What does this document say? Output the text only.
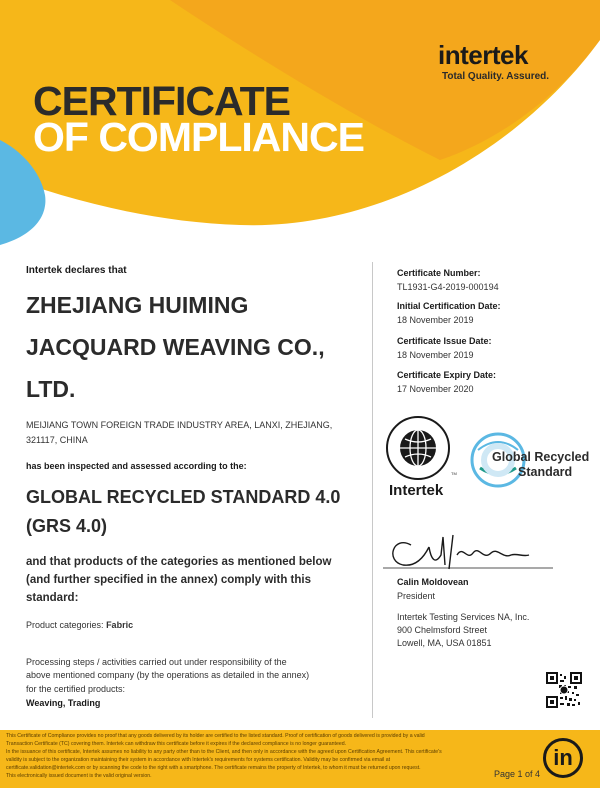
intertek
Total Quality. Assured.
CERTIFICATE
OF COMPLIANCE
Intertek declares that
ZHEJIANG HUIMING
JACQUARD WEAVING CO.,
LTD.
MEIJIANG TOWN FOREIGN TRADE INDUSTRY AREA, LANXI, ZHEJIANG,
321117, CHINA
has been inspected and assessed according to the:
GLOBAL RECYCLED STANDARD 4.0
(GRS 4.0)
and that products of the categories as mentioned below
(and further specified in the annex) comply with this
standard:
Product categories: Fabric
Processing steps / activities carried out under responsibility of the
above mentioned company (by the operations as detailed in the annex)
for the certified products:
Weaving, Trading
Certificate Number:
TL1931-G4-2019-000194
Initial Certification Date:
18 November 2019
Certificate Issue Date:
18 November 2019
Certificate Expiry Date:
17 November 2020
TM
Intertek
Global Recycled
Standard
Calin Moldovean
President
Intertek Testing Services NA, Inc.
900 Chelmsford Street
Lowell, MA, USA 01851
This Certificate of Compliance provides no proof that any goods delivered by its holder are certified to the listed standard. Proof of certification of goods delivered is provided by a valid
Transaction Certificate (TC) covering them. Intertek can withdraw this certificate before it expires if the declared compliance is no longer guaranteed.
In the issuance of this certificate, Intertek assumes no liability to any party other than to the Client, and then only in accordance with the agreed upon Certification Agreement. This certificate's
validity is subject to the organization maintaining their system in accordance with Intertek's requirements for systems certification. Validity may be confirmed via email at
certificate.validation@intertek.com or by scanning the code to the right with a smartphone. The certificate remains the property of Intertek, to whom it must be returned upon request.
This electronically issued document is the valid original version.	Page 1 of 4
in
